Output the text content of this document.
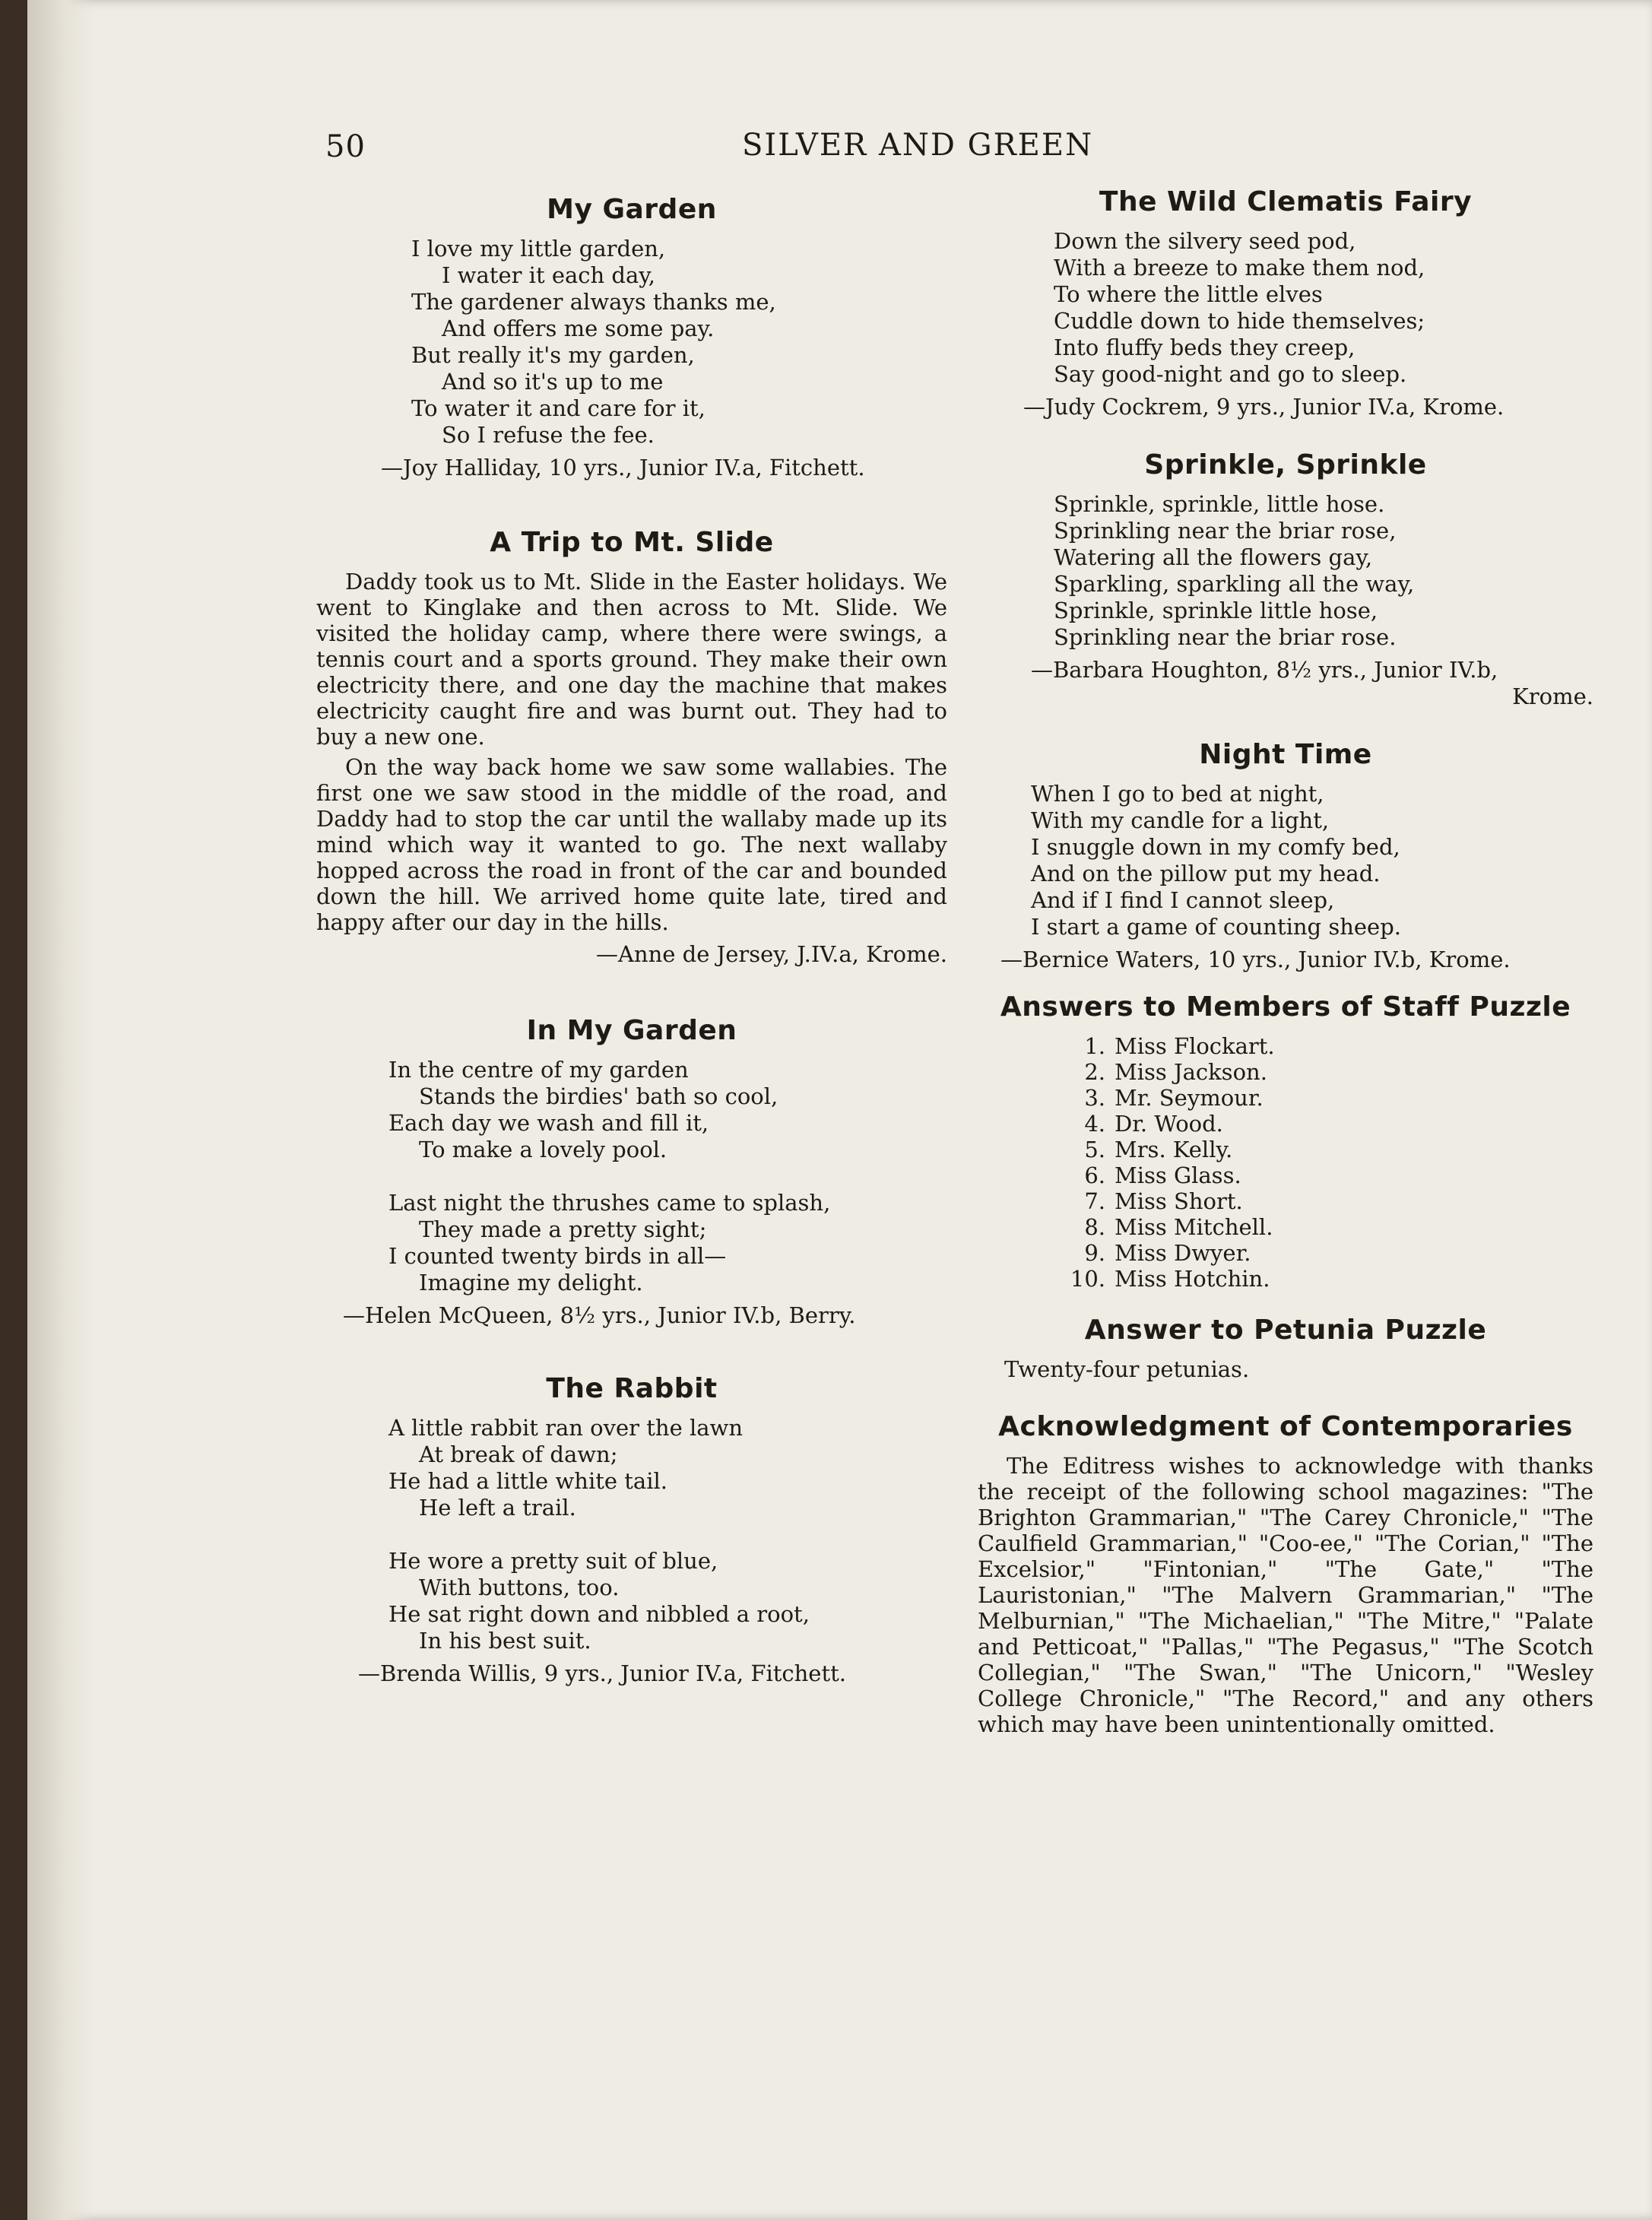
50	SILVER AND GREEN
My Garden
I love my little garden,
I water it each day,
The gardener always thanks me,
And offers me some pay.
But really it's my garden,
And so it's up to me
To water it and care for it,
So I refuse the fee.
—Joy Halliday, 10 yrs., Junior IV.a, Fitchett.
A Trip to Mt. Slide

Daddy took us to Mt. Slide in the Easter holidays. We went to Kinglake and then across to Mt. Slide. We visited the holiday camp, where there were swings, a tennis court and a sports ground. They make their own electricity there, and one day the machine that makes electricity caught fire and was burnt out. They had to buy a new one.

On the way back home we saw some wallabies. The first one we saw stood in the middle of the road, and Daddy had to stop the car until the wallaby made up its mind which way it wanted to go. The next wallaby hopped across the road in front of the car and bounded down the hill. We arrived home quite late, tired and happy after our day in the hills.

—Anne de Jersey, J.IV.a, Krome.
In My Garden
In the centre of my garden
Stands the birdies' bath so cool,
Each day we wash and fill it,
To make a lovely pool.
Last night the thrushes came to splash,
They made a pretty sight;
I counted twenty birds in all—
Imagine my delight.
—Helen McQueen, 8½ yrs., Junior IV.b, Berry.
The Rabbit
A little rabbit ran over the lawn
At break of dawn;
He had a little white tail.
He left a trail.
He wore a pretty suit of blue,
With buttons, too.
He sat right down and nibbled a root,
In his best suit.
—Brenda Willis, 9 yrs., Junior IV.a, Fitchett.
The Wild Clematis Fairy
Down the silvery seed pod,
With a breeze to make them nod,
To where the little elves
Cuddle down to hide themselves;
Into fluffy beds they creep,
Say good-night and go to sleep.
—Judy Cockrem, 9 yrs., Junior IV.a, Krome.
Sprinkle, Sprinkle
Sprinkle, sprinkle, little hose.
Sprinkling near the briar rose,
Watering all the flowers gay,
Sparkling, sparkling all the way,
Sprinkle, sprinkle little hose,
Sprinkling near the briar rose.
—Barbara Houghton, 8½ yrs., Junior IV.b,
Krome.
Night Time
When I go to bed at night,
With my candle for a light,
I snuggle down in my comfy bed,
And on the pillow put my head.
And if I find I cannot sleep,
I start a game of counting sheep.
—Bernice Waters, 10 yrs., Junior IV.b, Krome.
Answers to Members of Staff Puzzle
1. Miss Flockart.
2. Miss Jackson.
3. Mr. Seymour.
4. Dr. Wood.
5. Mrs. Kelly.
6. Miss Glass.
7. Miss Short.
8. Miss Mitchell.
9. Miss Dwyer.
10. Miss Hotchin.
Answer to Petunia Puzzle
Twenty-four petunias.
Acknowledgment of Contemporaries

The Editress wishes to acknowledge with thanks the receipt of the following school magazines: "The Brighton Grammarian," "The Carey Chronicle," "The Caulfield Grammarian," "Coo-ee," "The Corian," "The Excelsior," "Fintonian," "The Gate," "The Lauristonian," "The Malvern Grammarian," "The Melburnian," "The Michaelian," "The Mitre," "Palate and Petticoat," "Pallas," "The Pegasus," "The Scotch Collegian," "The Swan," "The Unicorn," "Wesley College Chronicle," "The Record," and any others which may have been unintentionally omitted.
